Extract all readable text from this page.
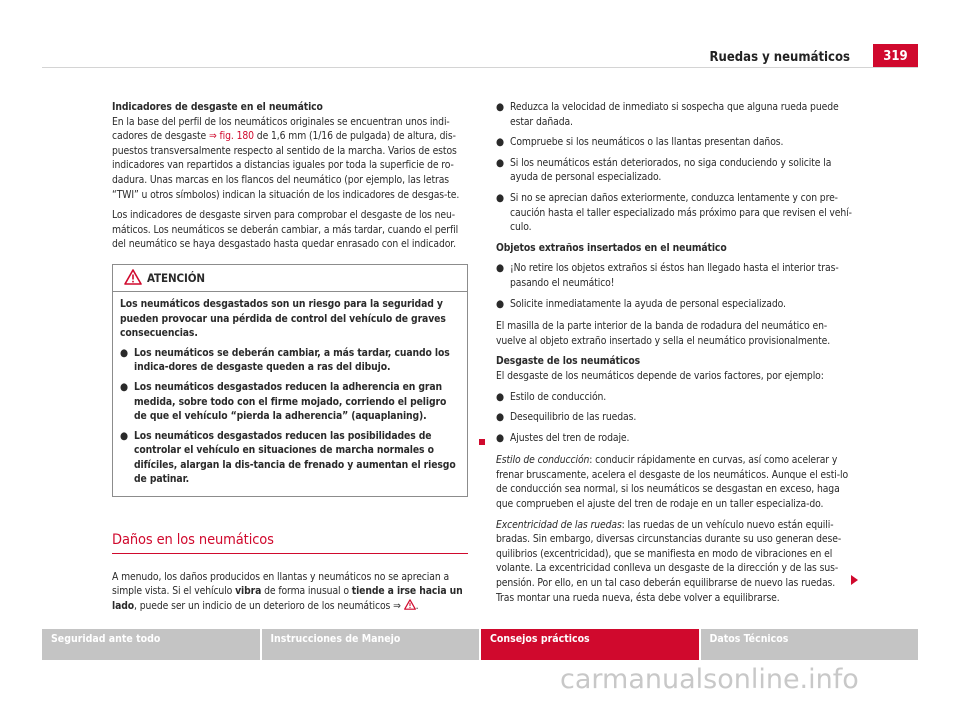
Ruedas y neumáticos	319

Indicadores de desgaste en el neumático

En la base del perfil de los neumáticos originales se encuentran unos indi-cadores de desgaste ⇒ fig. 180 de 1,6 mm (1/16 de pulgada) de altura, dis-puestos transversalmente respecto al sentido de la marcha. Varios de estos indicadores van repartidos a distancias iguales por toda la superficie de ro-dadura. Unas marcas en los flancos del neumático (por ejemplo, las letras “TWI” u otros símbolos) indican la situación de los indicadores de desgas-te.

Los indicadores de desgaste sirven para comprobar el desgaste de los neu-máticos. Los neumáticos se deberán cambiar, a más tardar, cuando el perfil del neumático se haya desgastado hasta quedar enrasado con el indicador.

ATENCIÓN

Los neumáticos desgastados son un riesgo para la seguridad y pueden provocar una pérdida de control del vehículo de graves consecuencias.

● Los neumáticos se deberán cambiar, a más tardar, cuando los indica-dores de desgaste queden a ras del dibujo.
● Los neumáticos desgastados reducen la adherencia en gran medida, sobre todo con el firme mojado, corriendo el peligro de que el vehículo “pierda la adherencia” (aquaplaning).
● Los neumáticos desgastados reducen las posibilidades de controlar el vehículo en situaciones de marcha normales o difíciles, alargan la dis-tancia de frenado y aumentan el riesgo de patinar.
Daños en los neumáticos

A menudo, los daños producidos en llantas y neumáticos no se aprecian a simple vista. Si el vehículo vibra de forma inusual o tiende a irse hacia un lado, puede ser un indicio de un deterioro de los neumáticos ⇒ .

● Reduzca la velocidad de inmediato si sospecha que alguna rueda puede estar dañada.
● Compruebe si los neumáticos o las llantas presentan daños.
● Si los neumáticos están deteriorados, no siga conduciendo y solicite la ayuda de personal especializado.
● Si no se aprecian daños exteriormente, conduzca lentamente y con pre-caución hasta el taller especializado más próximo para que revisen el vehí-culo.

Objetos extraños insertados en el neumático

● ¡No retire los objetos extraños si éstos han llegado hasta el interior tras-pasando el neumático!
● Solicite inmediatamente la ayuda de personal especializado.

El masilla de la parte interior de la banda de rodadura del neumático en-vuelve al objeto extraño insertado y sella el neumático provisionalmente.

Desgaste de los neumáticos

El desgaste de los neumáticos depende de varios factores, por ejemplo:

● Estilo de conducción.
● Desequilibrio de las ruedas.
● Ajustes del tren de rodaje.

Estilo de conducción: conducir rápidamente en curvas, así como acelerar y frenar bruscamente, acelera el desgaste de los neumáticos. Aunque el esti-lo de conducción sea normal, si los neumáticos se desgastan en exceso, haga que comprueben el ajuste del tren de rodaje en un taller especializa-do.

Excentricidad de las ruedas: las ruedas de un vehículo nuevo están equili-bradas. Sin embargo, diversas circunstancias durante su uso generan dese-quilibrios (excentricidad), que se manifiesta en modo de vibraciones en el volante. La excentricidad conlleva un desgaste de la dirección y de las sus-pensión. Por ello, en un tal caso deberán equilibrarse de nuevo las ruedas. Tras montar una rueda nueva, ésta debe volver a equilibrarse.

Seguridad ante todo	Instrucciones de Manejo	Consejos prácticos	Datos Técnicos
carmanualsonline.info
